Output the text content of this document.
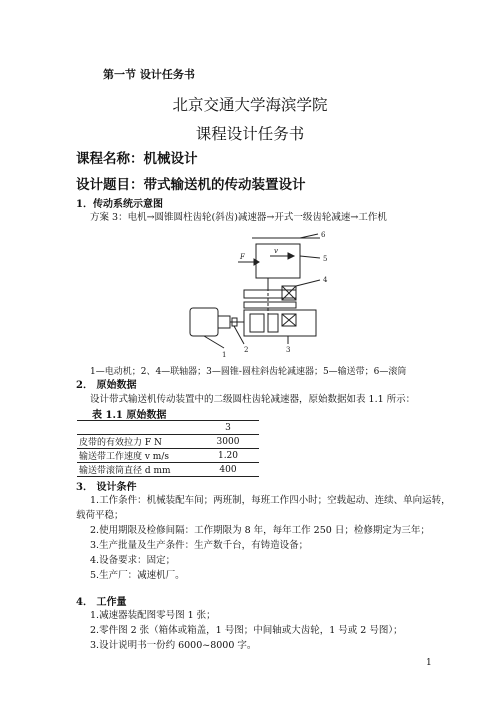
第一节 设计任务书
北京交通大学海滨学院
课程设计任务书
课程名称：机械设计
设计题目：带式输送机的传动装置设计
1．传动系统示意图
方案 3：电机→圆锥圆柱齿轮(斜齿)减速器→开式一级齿轮减速→工作机
6
5
4
1
2	3
F
v
1—电动机；2、4—联轴器；3—圆锥-圆柱斜齿轮减速器；5—输送带；6—滚筒
2． 原始数据
设计带式输送机传动装置中的二级圆柱齿轮减速器，原始数据如表 1.1 所示：
表 1.1 原始数据
	3
皮带的有效拉力 F N	3000
输送带工作速度 v m/s	1.20
输送带滚筒直径 d mm	400
3． 设计条件
1.工作条件：机械装配车间；两班制，每班工作四小时；空载起动、连续、单向运转，
载荷平稳；
2.使用期限及检修间隔：工作期限为 8 年，每年工作 250 日；检修期定为三年；
3.生产批量及生产条件：生产数千台，有铸造设备；
4.设备要求：固定；
5.生产厂：减速机厂。
4． 工作量
1.减速器装配图零号图 1 张；
2.零件图 2 张（箱体或箱盖，1 号图；中间轴或大齿轮，1 号或 2 号图）；
3.设计说明书一份约 6000~8000 字。
1
